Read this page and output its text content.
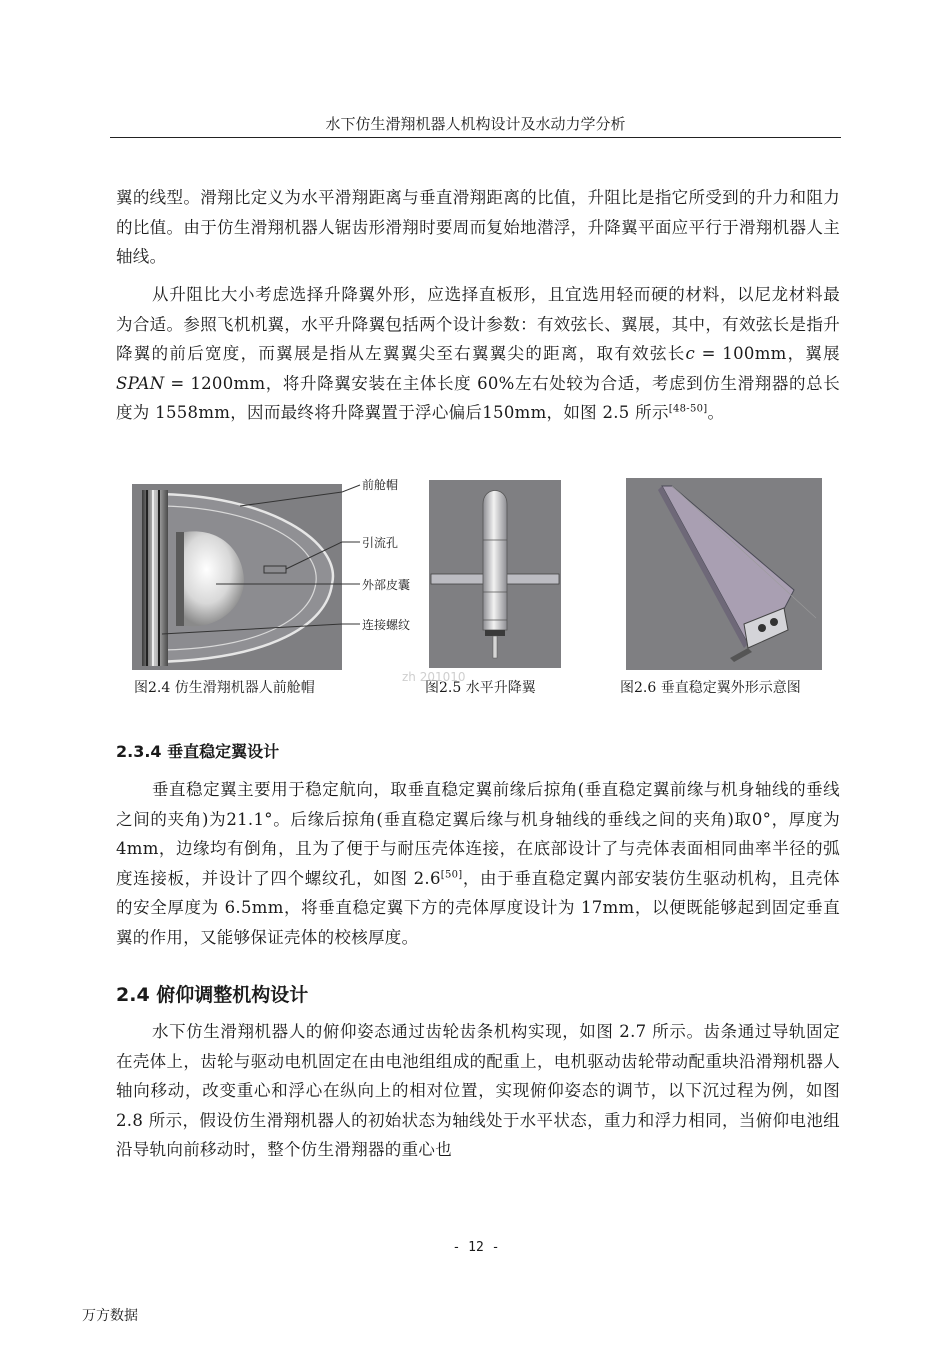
水下仿生滑翔机器人机构设计及水动力学分析

翼的线型。滑翔比定义为水平滑翔距离与垂直滑翔距离的比值，升阻比是指它所受到的升力和阻力的比值。由于仿生滑翔机器人锯齿形滑翔时要周而复始地潜浮，升降翼平面应平行于滑翔机器人主轴线。

从升阻比大小考虑选择升降翼外形，应选择直板形，且宜选用轻而硬的材料，以尼龙材料最为合适。参照飞机机翼，水平升降翼包括两个设计参数：有效弦长、翼展，其中，有效弦长是指升降翼的前后宽度，而翼展是指从左翼翼尖至右翼翼尖的距离，取有效弦长c = 100mm，翼展SPAN = 1200mm，将升降翼安装在主体长度 60%左右处较为合适，考虑到仿生滑翔器的总长度为 1558mm，因而最终将升降翼置于浮心偏后150mm，如图 2.5 所示[48-50]。

前舱帽
引流孔
外部皮囊
连接螺纹
图2.4 仿生滑翔机器人前舱帽	图2.5 水平升降翼	图2.6 垂直稳定翼外形示意图
zh 201010
2.3.4 垂直稳定翼设计

垂直稳定翼主要用于稳定航向，取垂直稳定翼前缘后掠角(垂直稳定翼前缘与机身轴线的垂线之间的夹角)为21.1°。后缘后掠角(垂直稳定翼后缘与机身轴线的垂线之间的夹角)取0°，厚度为4mm，边缘均有倒角，且为了便于与耐压壳体连接，在底部设计了与壳体表面相同曲率半径的弧度连接板，并设计了四个螺纹孔，如图 2.6[50]，由于垂直稳定翼内部安装仿生驱动机构，且壳体的安全厚度为 6.5mm，将垂直稳定翼下方的壳体厚度设计为 17mm，以便既能够起到固定垂直翼的作用，又能够保证壳体的校核厚度。

2.4 俯仰调整机构设计

水下仿生滑翔机器人的俯仰姿态通过齿轮齿条机构实现，如图 2.7 所示。齿条通过导轨固定在壳体上，齿轮与驱动电机固定在由电池组组成的配重上，电机驱动齿轮带动配重块沿滑翔机器人轴向移动，改变重心和浮心在纵向上的相对位置，实现俯仰姿态的调节，以下沉过程为例，如图 2.8 所示，假设仿生滑翔机器人的初始状态为轴线处于水平状态，重力和浮力相同，当俯仰电池组沿导轨向前移动时，整个仿生滑翔器的重心也

- 12 -
万方数据
